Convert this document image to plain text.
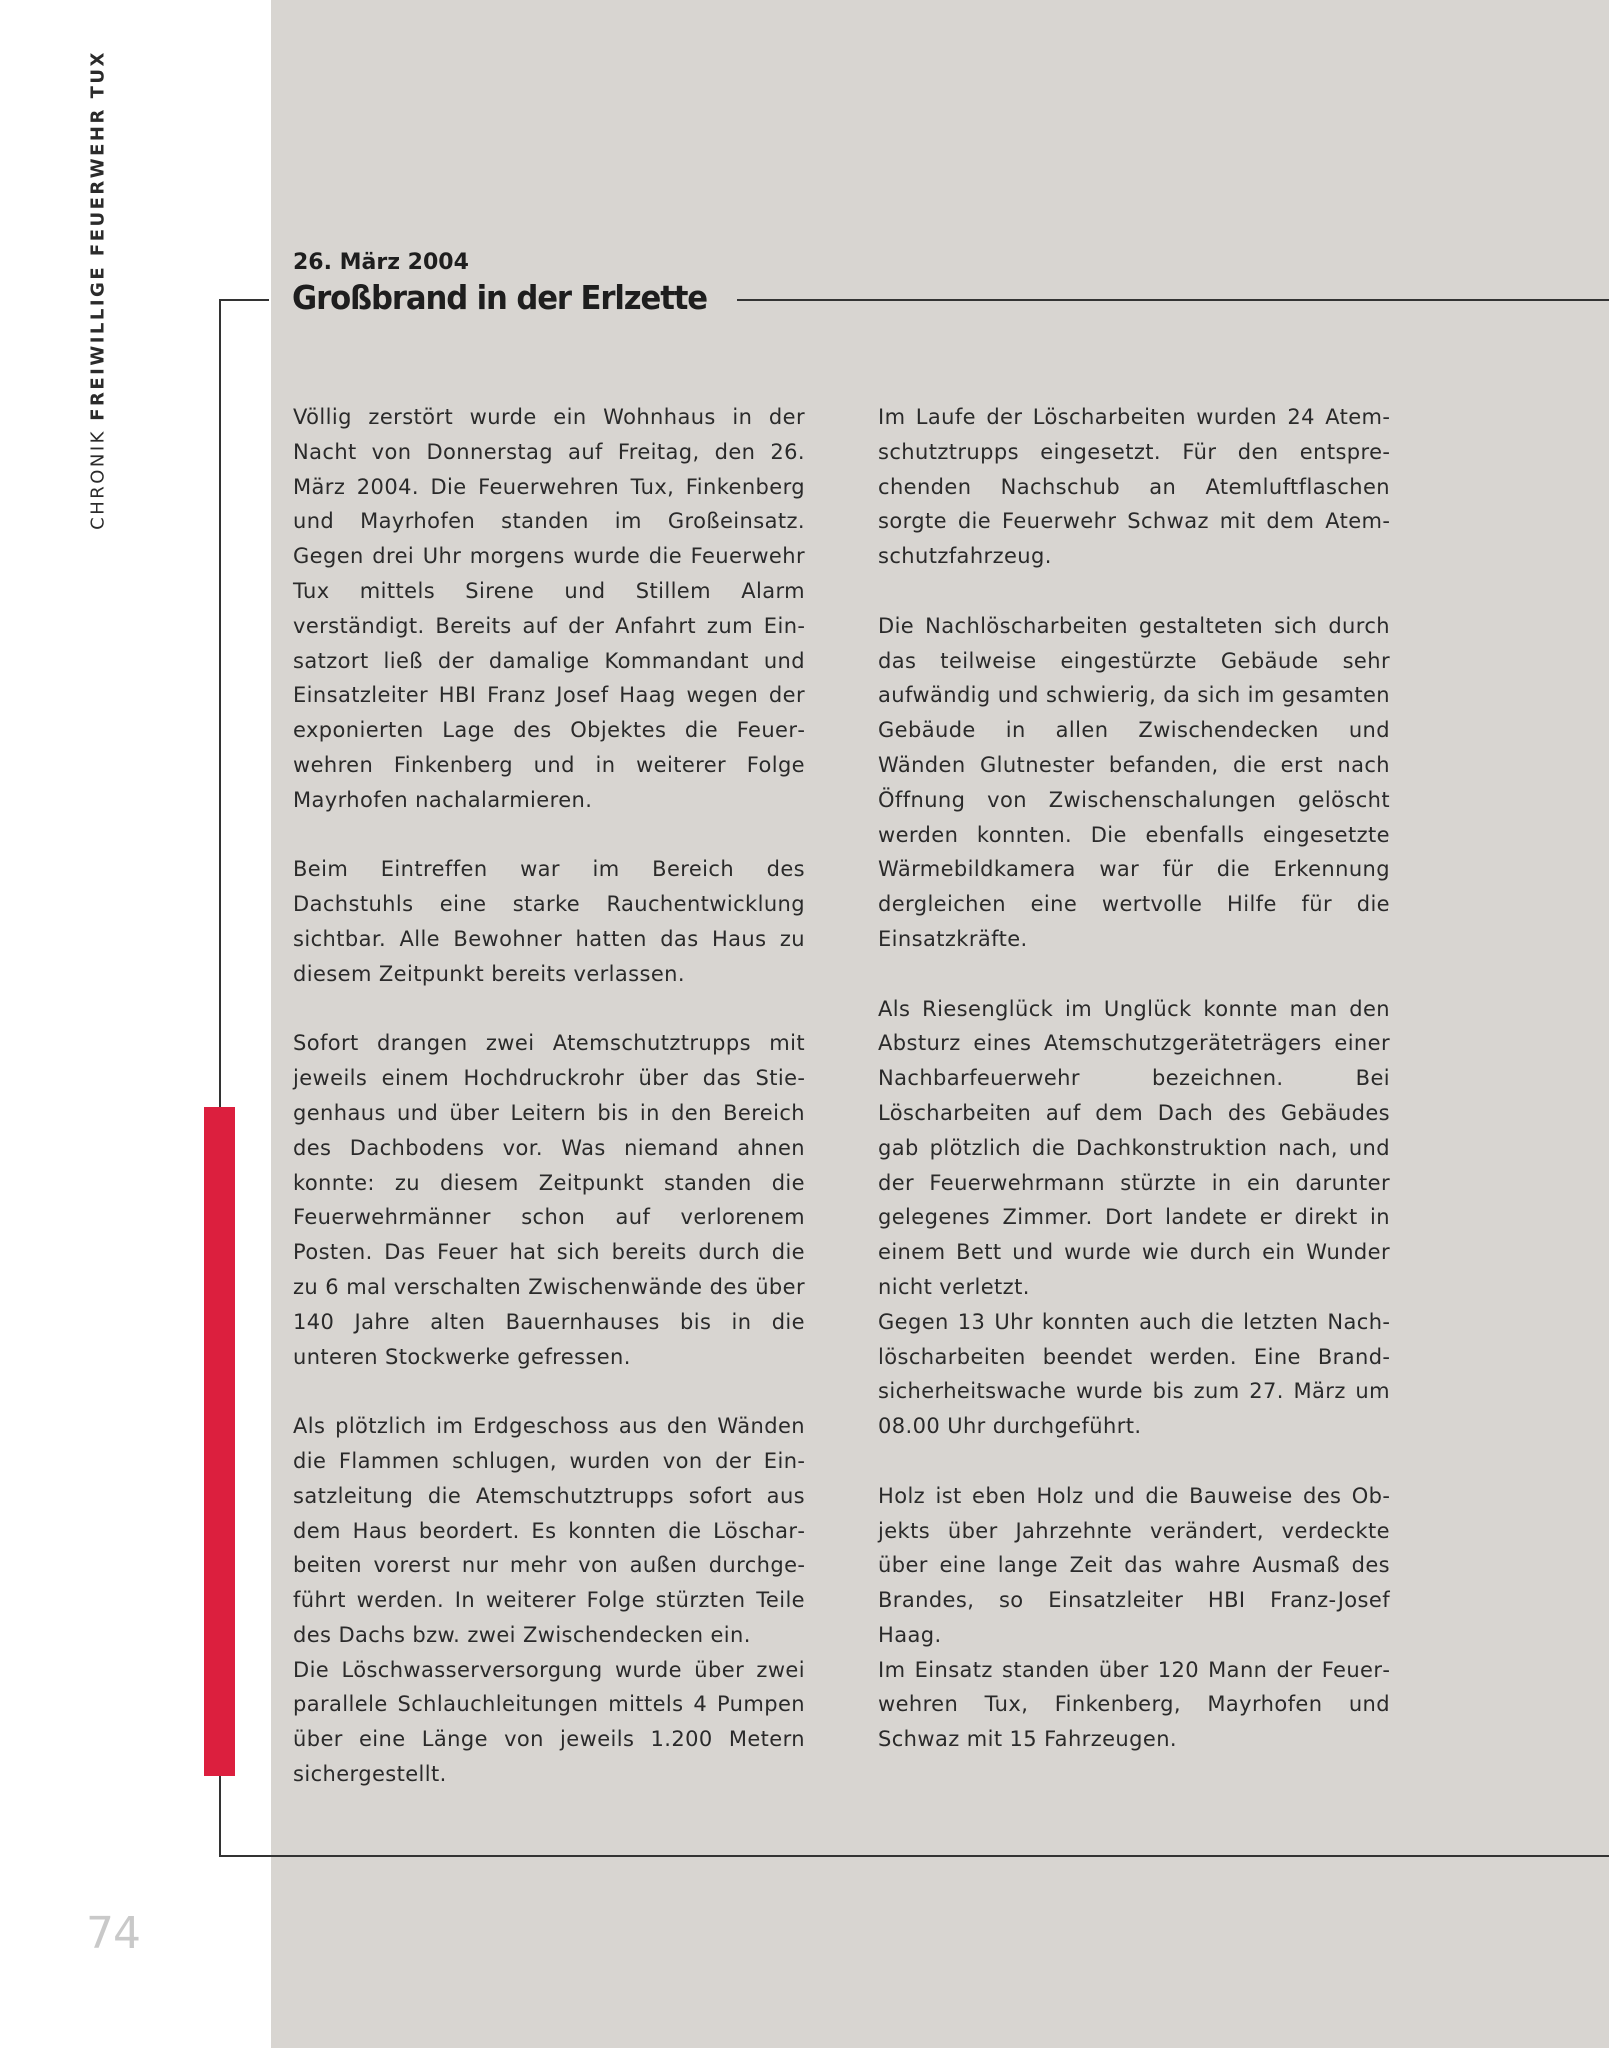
CHRONIK FREIWILLIGE FEUERWEHR TUX	26. März 2004
Großbrand in der Erlzette

Völlig zerstört wurde ein Wohnhaus in der Nacht von Donnerstag auf Freitag, den 26. März 2004. Die Feuerwehren Tux, Finkenberg und Mayrhofen standen im Großeinsatz. Gegen drei Uhr morgens wurde die Feuerwehr Tux mittels Sirene und Stillem Alarm verständigt. Bereits auf der Anfahrt zum Einsatzort ließ der damalige Kommandant und Einsatzleiter HBI Franz Josef Haag wegen der exponierten Lage des Objektes die Feuerwehren Finkenberg und in weiterer Folge Mayrhofen nachalarmieren.

Beim Eintreffen war im Bereich des Dachstuhls eine starke Rauchentwicklung sichtbar. Alle Bewohner hatten das Haus zu diesem Zeitpunkt bereits verlassen.

Sofort drangen zwei Atemschutztrupps mit jeweils einem Hochdruckrohr über das Stiegenhaus und über Leitern bis in den Bereich des Dachbodens vor. Was niemand ahnen konnte: zu diesem Zeitpunkt standen die Feuerwehrmänner schon auf verlorenem Posten. Das Feuer hat sich bereits durch die zu 6 mal verschalten Zwischenwände des über 140 Jahre alten Bauernhauses bis in die unteren Stockwerke gefressen.

Als plötzlich im Erdgeschoss aus den Wänden die Flammen schlugen, wurden von der Einsatzleitung die Atemschutztrupps sofort aus dem Haus beordert. Es konnten die Löscharbeiten vorerst nur mehr von außen durchgeführt werden. In weiterer Folge stürzten Teile des Dachs bzw. zwei Zwischendecken ein.

Die Löschwasserversorgung wurde über zwei parallele Schlauchleitungen mittels 4 Pumpen über eine Länge von jeweils 1.200 Metern sichergestellt.

Im Laufe der Löscharbeiten wurden 24 Atemschutztrupps eingesetzt. Für den entsprechenden Nachschub an Atemluftflaschen sorgte die Feuerwehr Schwaz mit dem Atemschutzfahrzeug.

Die Nachlöscharbeiten gestalteten sich durch das teilweise eingestürzte Gebäude sehr aufwändig und schwierig, da sich im gesamten Gebäude in allen Zwischendecken und Wänden Glutnester befanden, die erst nach Öffnung von Zwischenschalungen gelöscht werden konnten. Die ebenfalls eingesetzte Wärmebildkamera war für die Erkennung dergleichen eine wertvolle Hilfe für die Einsatzkräfte.

Als Riesenglück im Unglück konnte man den Absturz eines Atemschutzgeräteträgers einer Nachbarfeuerwehr bezeichnen. Bei Löscharbeiten auf dem Dach des Gebäudes gab plötzlich die Dachkonstruktion nach, und der Feuerwehrmann stürzte in ein darunter gelegenes Zimmer. Dort landete er direkt in einem Bett und wurde wie durch ein Wunder nicht verletzt.

Gegen 13 Uhr konnten auch die letzten Nachlöscharbeiten beendet werden. Eine Brandsicherheitswache wurde bis zum 27. März um 08.00 Uhr durchgeführt.

Holz ist eben Holz und die Bauweise des Objekts über Jahrzehnte verändert, verdeckte über eine lange Zeit das wahre Ausmaß des Brandes, so Einsatzleiter HBI Franz-Josef Haag.

Im Einsatz standen über 120 Mann der Feuerwehren Tux, Finkenberg, Mayrhofen und Schwaz mit 15 Fahrzeugen.

74
